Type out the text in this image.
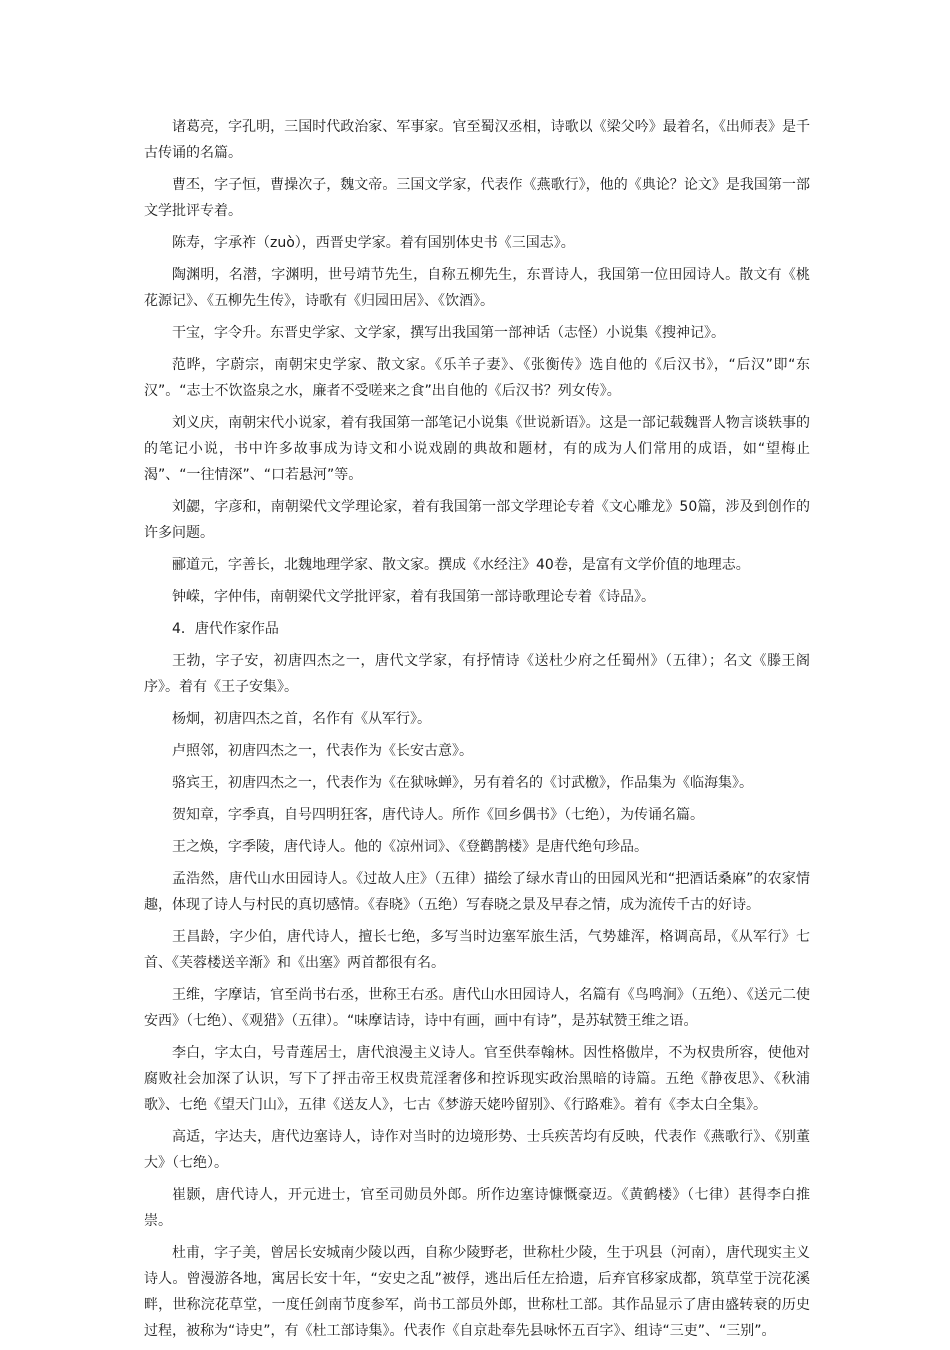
诸葛亮，字孔明，三国时代政治家、军事家。官至蜀汉丞相，诗歌以《梁父吟》最着名，《出师表》是千古传诵的名篇。

曹丕，字子恒，曹操次子，魏文帝。三国文学家，代表作《燕歌行》，他的《典论？论文》是我国第一部文学批评专着。

陈寿，字承祚（zuò），西晋史学家。着有国别体史书《三国志》。

陶渊明，名潜，字渊明，世号靖节先生，自称五柳先生，东晋诗人，我国第一位田园诗人。散文有《桃花源记》、《五柳先生传》，诗歌有《归园田居》、《饮酒》。

干宝，字令升。东晋史学家、文学家，撰写出我国第一部神话（志怪）小说集《搜神记》。

范晔，字蔚宗，南朝宋史学家、散文家。《乐羊子妻》、《张衡传》选自他的《后汉书》，“后汉”即“东汉”。“志士不饮盗泉之水，廉者不受嗟来之食”出自他的《后汉书？列女传》。

刘义庆，南朝宋代小说家，着有我国第一部笔记小说集《世说新语》。这是一部记载魏晋人物言谈轶事的的笔记小说，书中许多故事成为诗文和小说戏剧的典故和题材，有的成为人们常用的成语，如“望梅止渴”、“一往情深”、“口若悬河”等。

刘勰，字彦和，南朝梁代文学理论家，着有我国第一部文学理论专着《文心雕龙》50篇，涉及到创作的许多问题。

郦道元，字善长，北魏地理学家、散文家。撰成《水经注》40卷，是富有文学价值的地理志。

钟嵘，字仲伟，南朝梁代文学批评家，着有我国第一部诗歌理论专着《诗品》。

4．唐代作家作品

王勃，字子安，初唐四杰之一，唐代文学家，有抒情诗《送杜少府之任蜀州》（五律）；名文《滕王阁序》。着有《王子安集》。

杨炯，初唐四杰之首，名作有《从军行》。

卢照邻，初唐四杰之一，代表作为《长安古意》。

骆宾王，初唐四杰之一，代表作为《在狱咏蝉》，另有着名的《讨武檄》，作品集为《临海集》。

贺知章，字季真，自号四明狂客，唐代诗人。所作《回乡偶书》（七绝），为传诵名篇。

王之焕，字季陵，唐代诗人。他的《凉州词》、《登鹳鹊楼》是唐代绝句珍品。

孟浩然，唐代山水田园诗人。《过故人庄》（五律）描绘了绿水青山的田园风光和“把酒话桑麻”的农家情趣，体现了诗人与村民的真切感情。《春晓》（五绝）写春晓之景及早春之情，成为流传千古的好诗。

王昌龄，字少伯，唐代诗人，擅长七绝，多写当时边塞军旅生活，气势雄浑，格调高昂，《从军行》七首、《芙蓉楼送辛渐》和《出塞》两首都很有名。

王维，字摩诘，官至尚书右丞，世称王右丞。唐代山水田园诗人，名篇有《鸟鸣涧》（五绝）、《送元二使安西》（七绝）、《观猎》（五律）。“味摩诘诗，诗中有画，画中有诗”，是苏轼赞王维之语。

李白，字太白，号青莲居士，唐代浪漫主义诗人。官至供奉翰林。因性格傲岸，不为权贵所容，使他对腐败社会加深了认识，写下了抨击帝王权贵荒淫奢侈和控诉现实政治黑暗的诗篇。五绝《静夜思》、《秋浦歌》、七绝《望天门山》，五律《送友人》，七古《梦游天姥吟留别》、《行路难》。着有《李太白全集》。

高适，字达夫，唐代边塞诗人，诗作对当时的边境形势、士兵疾苦均有反映，代表作《燕歌行》、《别董大》（七绝）。

崔颢，唐代诗人，开元进士，官至司勋员外郎。所作边塞诗慷慨豪迈。《黄鹤楼》（七律）甚得李白推崇。

杜甫，字子美，曾居长安城南少陵以西，自称少陵野老，世称杜少陵，生于巩县（河南），唐代现实主义诗人。曾漫游各地，寓居长安十年，“安史之乱”被俘，逃出后任左拾遗，后弃官移家成都，筑草堂于浣花溪畔，世称浣花草堂，一度任剑南节度参军，尚书工部员外郎，世称杜工部。其作品显示了唐由盛转衰的历史过程，被称为“诗史”，有《杜工部诗集》。代表作《自京赴奉先县咏怀五百字》、组诗“三吏”、“三别”。
